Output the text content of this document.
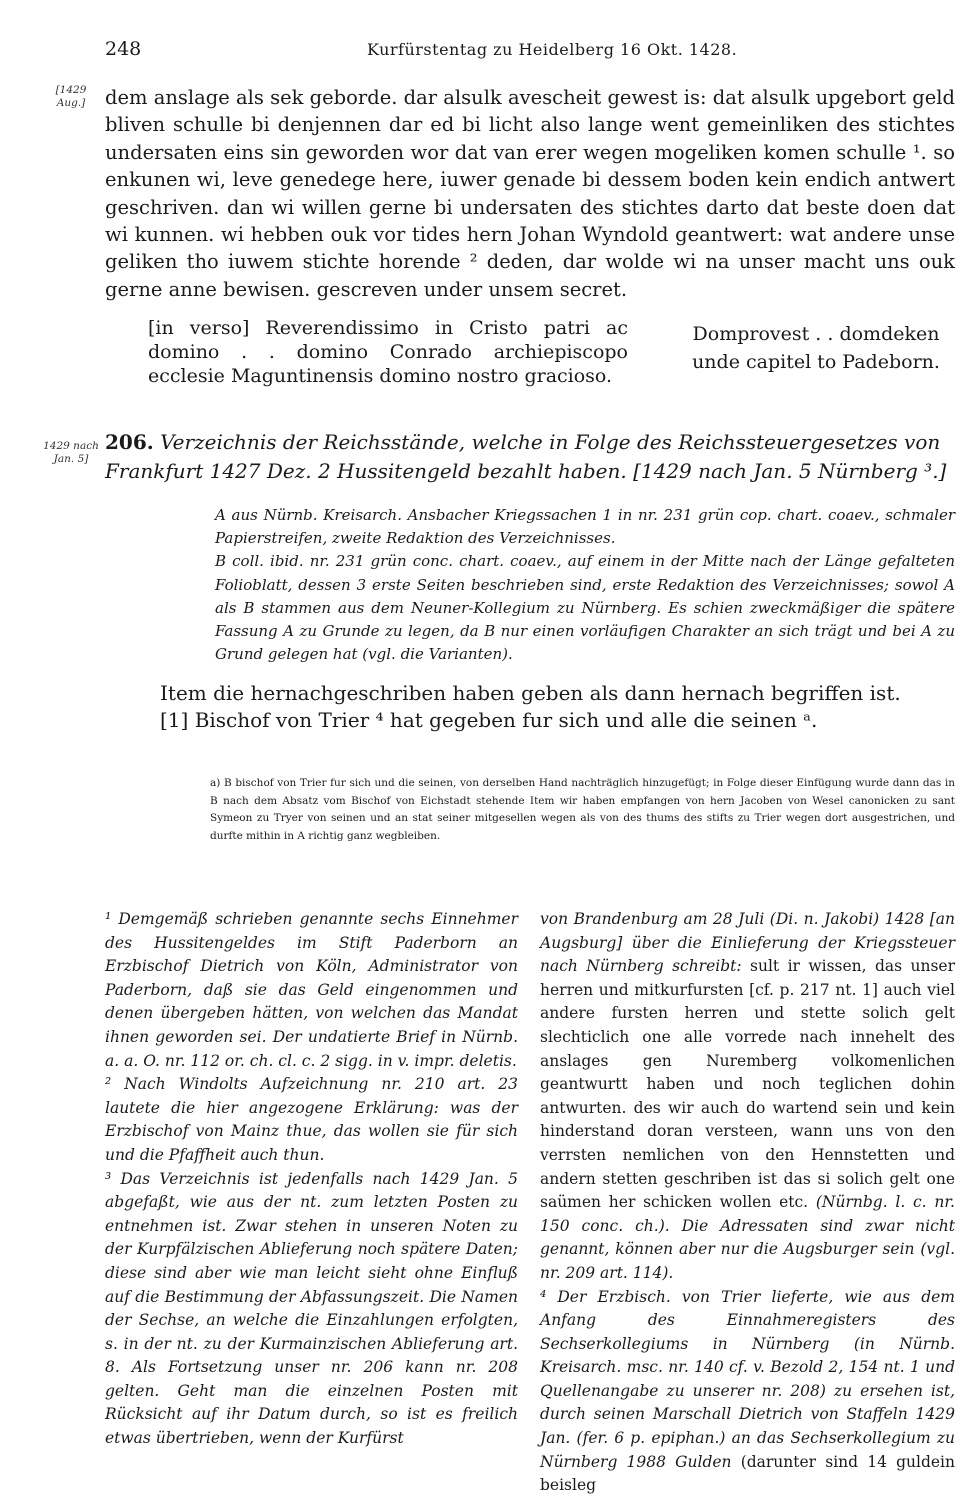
248	Kurfürstentag zu Heidelberg 16 Okt. 1428.
[1429 Aug.]	dem anslage als sek geborde. dar alsulk avescheit gewest is: dat alsulk upgebort geld bliven schulle bi denjennen dar ed bi licht also lange went gemeinliken des stichtes undersaten eins sin geworden wor dat van erer wegen mogeliken komen schulle ¹. so enkunen wi, leve genedege here, iuwer genade bi dessem boden kein endich antwert geschriven. dan wi willen gerne bi undersaten des stichtes darto dat beste doen dat wi kunnen. wi hebben ouk vor tides hern Johan Wyndold geantwert: wat andere unse geliken tho iuwem stichte horende ² deden, dar wolde wi na unser macht uns ouk gerne anne bewisen. gescreven under unsem secret.

[in verso] Reverendissimo in Cristo patri ac domino . . domino Conrado archiepiscopo ecclesie Maguntinensis domino nostro gracioso.
Domprovest . . domdeken unde capitel to Padeborn.
1429 nach Jan. 5]
206. Verzeichnis der Reichsstände, welche in Folge des Reichssteuergesetzes von Frankfurt 1427 Dez. 2 Hussitengeld bezahlt haben. [1429 nach Jan. 5 Nürnberg ³.]

A aus Nürnb. Kreisarch. Ansbacher Kriegssachen 1 in nr. 231 grün cop. chart. coaev., schmaler Papierstreifen, zweite Redaktion des Verzeichnisses.

B coll. ibid. nr. 231 grün conc. chart. coaev., auf einem in der Mitte nach der Länge gefalteten Folioblatt, dessen 3 erste Seiten beschrieben sind, erste Redaktion des Verzeichnisses; sowol A als B stammen aus dem Neuner-Kollegium zu Nürnberg. Es schien zweckmäßiger die spätere Fassung A zu Grunde zu legen, da B nur einen vorläufigen Charakter an sich trägt und bei A zu Grund gelegen hat (vgl. die Varianten).

Item die hernachgeschriben haben geben als dann hernach begriffen ist.

[1] Bischof von Trier ⁴ hat gegeben fur sich und alle die seinen ᵃ.

a) B bischof von Trier fur sich und die seinen, von derselben Hand nachträglich hinzugefügt; in Folge dieser Einfügung wurde dann das in B nach dem Absatz vom Bischof von Eichstadt stehende Item wir haben empfangen von hern Jacoben von Wesel canonicken zu sant Symeon zu Tryer von seinen und an stat seiner mitgesellen wegen als von des thums des stifts zu Trier wegen dort ausgestrichen, und durfte mithin in A richtig ganz wegbleiben.

¹ Demgemäß schrieben genannte sechs Einnehmer des Hussitengeldes im Stift Paderborn an Erzbischof Dietrich von Köln, Administrator von Paderborn, daß sie das Geld eingenommen und denen übergeben hätten, von welchen das Mandat ihnen geworden sei. Der undatierte Brief in Nürnb. a. a. O. nr. 112 or. ch. cl. c. 2 sigg. in v. impr. deletis.

² Nach Windolts Aufzeichnung nr. 210 art. 23 lautete die hier angezogene Erklärung: was der Erzbischof von Mainz thue, das wollen sie für sich und die Pfaffheit auch thun.

³ Das Verzeichnis ist jedenfalls nach 1429 Jan. 5 abgefaßt, wie aus der nt. zum letzten Posten zu entnehmen ist. Zwar stehen in unseren Noten zu der Kurpfälzischen Ablieferung noch spätere Daten; diese sind aber wie man leicht sieht ohne Einfluß auf die Bestimmung der Abfassungszeit. Die Namen der Sechse, an welche die Einzahlungen erfolgten, s. in der nt. zu der Kurmainzischen Ablieferung art. 8. Als Fortsetzung unser nr. 206 kann nr. 208 gelten. Geht man die einzelnen Posten mit Rücksicht auf ihr Datum durch, so ist es freilich etwas übertrieben, wenn der Kurfürst

von Brandenburg am 28 Juli (Di. n. Jakobi) 1428 [an Augsburg] über die Einlieferung der Kriegssteuer nach Nürnberg schreibt: sult ir wissen, das unser herren und mitkurfursten [cf. p. 217 nt. 1] auch viel andere fursten herren und stette solich gelt slechticlich one alle vorrede nach innehelt des anslages gen Nuremberg volkomenlichen geantwurtt haben und noch teglichen dohin antwurten. des wir auch do wartend sein und kein hinderstand doran versteen, wann uns von den verrsten nemlichen von den Hennstetten und andern stetten geschriben ist das si solich gelt one saümen her schicken wollen etc. (Nürnbg. l. c. nr. 150 conc. ch.). Die Adressaten sind zwar nicht genannt, können aber nur die Augsburger sein (vgl. nr. 209 art. 114).

⁴ Der Erzbisch. von Trier lieferte, wie aus dem Anfang des Einnahmeregisters des Sechserkollegiums in Nürnberg (in Nürnb. Kreisarch. msc. nr. 140 cf. v. Bezold 2, 154 nt. 1 und Quellenangabe zu unserer nr. 208) zu ersehen ist, durch seinen Marschall Dietrich von Staffeln 1429 Jan. (fer. 6 p. epiphan.) an das Sechserkollegium zu Nürnberg 1988 Gulden (darunter sind 14 guldein beisleg
